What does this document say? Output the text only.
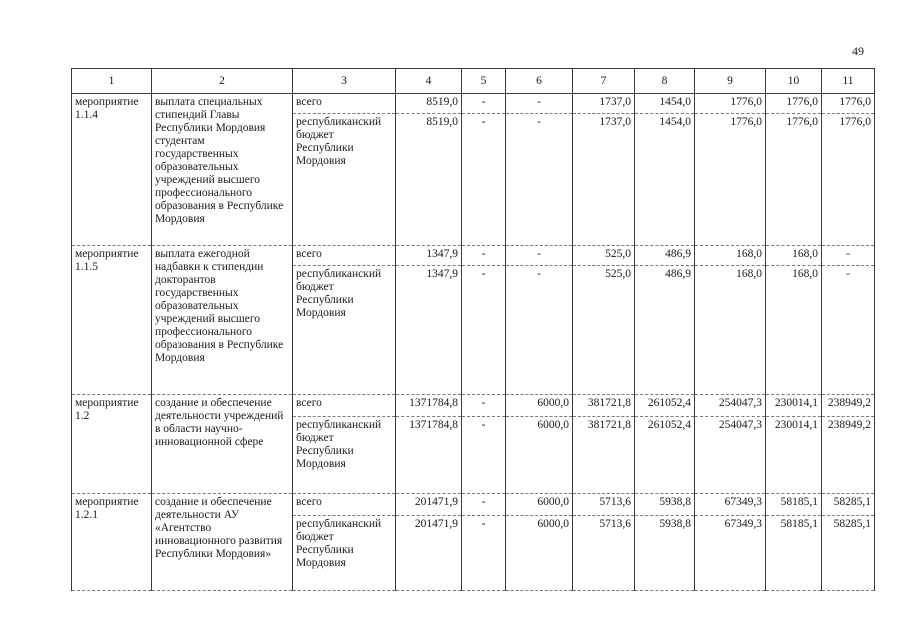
49
1	2	3	4	5	6	7	8	9	10	11
мероприятие 1.1.4	выплата специальных стипендий Главы Республики Мордовия студентам государственных образовательных учреждений высшего профессионального образования в Республике Мордовия	всего	8519,0	-	-	1737,0	1454,0	1776,0	1776,0	1776,0
		республиканский бюджет Республики Мордовия	8519,0	-	-	1737,0	1454,0	1776,0	1776,0	1776,0
мероприятие 1.1.5	выплата ежегодной надбавки к стипендии докторантов государственных образовательных учреждений высшего профессионального образования в Республике Мордовия	всего	1347,9	-	-	525,0	486,9	168,0	168,0	-
		республиканский бюджет Республики Мордовия	1347,9	-	-	525,0	486,9	168,0	168,0	-
мероприятие 1.2	создание и обеспечение деятельности учреждений в области научно-инновационной сфере	всего	1371784,8	-	6000,0	381721,8	261052,4	254047,3	230014,1	238949,2
		республиканский бюджет Республики Мордовия	1371784,8	-	6000,0	381721,8	261052,4	254047,3	230014,1	238949,2
мероприятие 1.2.1	создание и обеспечение деятельности АУ «Агентство инновационного развития Республики Мордовия»	всего	201471,9	-	6000,0	5713,6	5938,8	67349,3	58185,1	58285,1
		республиканский бюджет Республики Мордовия	201471,9	-	6000,0	5713,6	5938,8	67349,3	58185,1	58285,1
